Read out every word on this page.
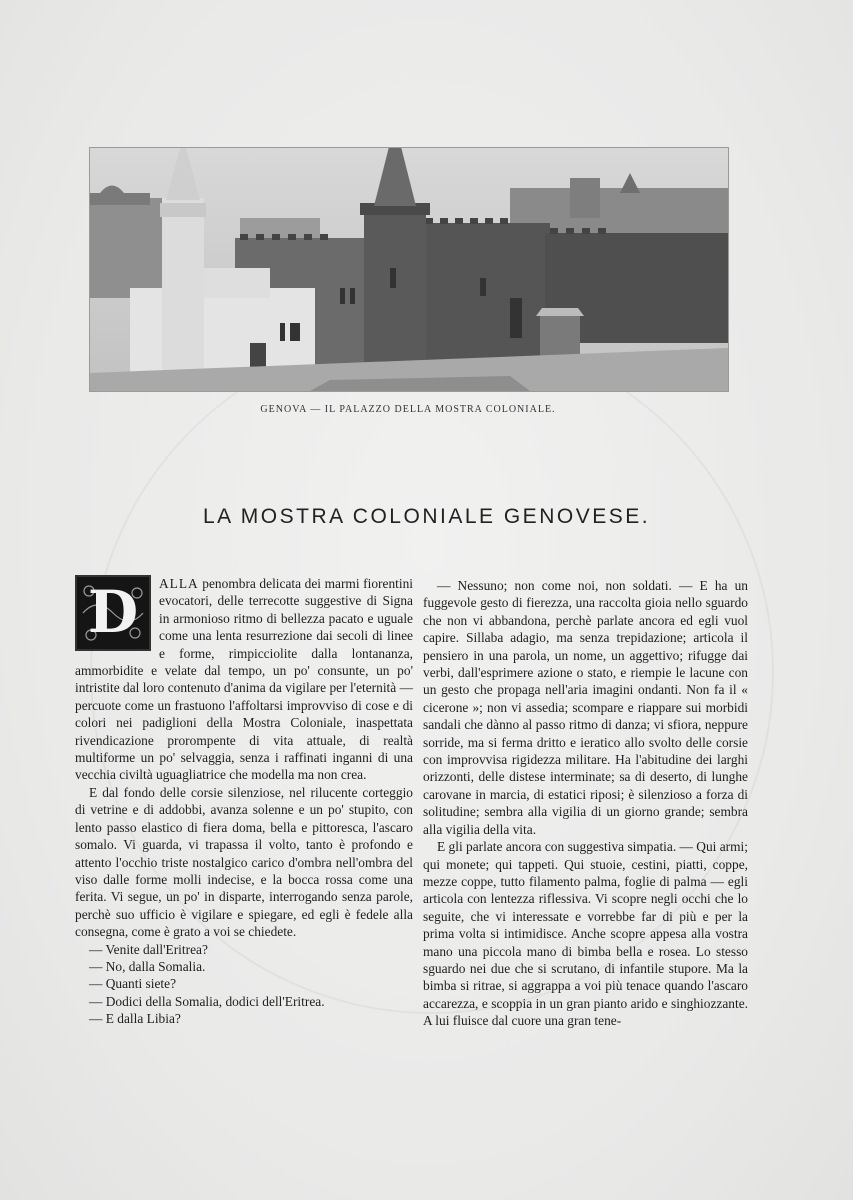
GENOVA — IL PALAZZO DELLA MOSTRA COLONIALE.
LA MOSTRA COLONIALE GENOVESE.

D	ALLA penombra delicata dei marmi fiorentini evocatori, delle terrecotte suggestive di Signa in armonioso ritmo di bellezza pacato e uguale come una lenta resurrezione dai secoli di linee e forme, rimpicciolite dalla lontananza, ammorbidite e velate dal tempo, un po' consunte, un po' intristite dal loro contenuto d'anima da vigilare per l'eternità — percuote come un frastuono l'affoltarsi improvviso di cose e di colori nei padiglioni della Mostra Coloniale, inaspettata rivendicazione prorompente di vita attuale, di realtà multiforme un po' selvaggia, senza i raffinati inganni di una vecchia civiltà uguagliatrice che modella ma non crea.

E dal fondo delle corsie silenziose, nel rilucente corteggio di vetrine e di addobbi, avanza solenne e un po' stupito, con lento passo elastico di fiera doma, bella e pittoresca, l'ascaro somalo. Vi guarda, vi trapassa il volto, tanto è profondo e attento l'occhio triste nostalgico carico d'ombra nell'ombra del viso dalle forme molli indecise, e la bocca rossa come una ferita. Vi segue, un po' in disparte, interrogando senza parole, perchè suo ufficio è vigilare e spiegare, ed egli è fedele alla consegna, come è grato a voi se chiedete.

— Venite dall'Eritrea?

— No, dalla Somalia.

— Quanti siete?

— Dodici della Somalia, dodici dell'Eritrea.

— E dalla Libia?

— Nessuno; non come noi, non soldati. — E ha un fuggevole gesto di fierezza, una raccolta gioia nello sguardo che non vi abbandona, perchè parlate ancora ed egli vuol capire. Sillaba adagio, ma senza trepidazione; articola il pensiero in una parola, un nome, un aggettivo; rifugge dai verbi, dall'esprimere azione o stato, e riempie le lacune con un gesto che propaga nell'aria imagini ondanti. Non fa il « cicerone »; non vi assedia; scompare e riappare sui morbidi sandali che dànno al passo ritmo di danza; vi sfiora, neppure sorride, ma si ferma dritto e ieratico allo svolto delle corsie con improvvisa rigidezza militare. Ha l'abitudine dei larghi orizzonti, delle distese interminate; sa di deserto, di lunghe carovane in marcia, di estatici riposi; è silenzioso a forza di solitudine; sembra alla vigilia di un giorno grande; sembra alla vigilia della vita.

E gli parlate ancora con suggestiva simpatia. — Qui armi; qui monete; qui tappeti. Qui stuoie, cestini, piatti, coppe, mezze coppe, tutto filamento palma, foglie di palma — egli articola con lentezza riflessiva. Vi scopre negli occhi che lo seguite, che vi interessate e vorrebbe far di più e per la prima volta si intimidisce. Anche scopre appesa alla vostra mano una piccola mano di bimba bella e rosea. Lo stesso sguardo nei due che si scrutano, di infantile stupore. Ma la bimba si ritrae, si aggrappa a voi più tenace quando l'ascaro accarezza, e scoppia in un gran pianto arido e singhiozzante. A lui fluisce dal cuore una gran tene-
